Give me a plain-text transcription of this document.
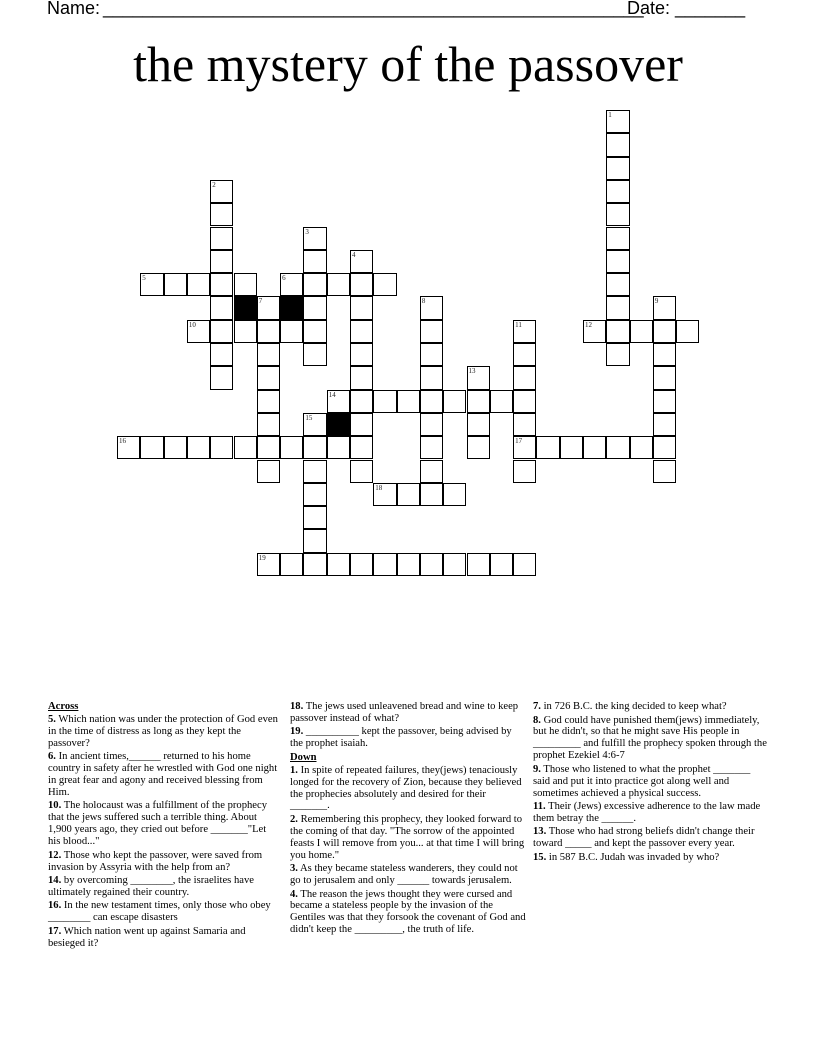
Name: ______________________________________________________
Date: _______
the mystery of the passover
1
2
3
4
5	6
7	8	9
10	11
17
12
13
14
15
16
18
19
Across
5. Which nation was under the protection of God even in the time of distress as long as they kept the passover?
6. In ancient times,______ returned to his home country in safety after he wrestled with God one night in great fear and agony and received blessing from Him.
10. The holocaust was a fulfillment of the prophecy that the jews suffered such a terrible thing. About 1,900 years ago, they cried out before _______"Let his blood..."
12. Those who kept the passover, were saved from invasion by Assyria with the help from an?
14. by overcoming ________, the israelites have ultimately regained their country.
16. In the new testament times, only those who obey ________ can escape disasters
17. Which nation went up against Samaria and besieged it?
18. The jews used unleavened bread and wine to keep passover instead of what?
19. __________ kept the passover, being advised by the prophet isaiah.
Down
1. In spite of repeated failures, they(jews) tenaciously longed for the recovery of Zion, because they believed the prophecies absolutely and desired for their _______.
2. Remembering this prophecy, they looked forward to the coming of that day. "The sorrow of the appointed feasts I will remove from you... at that time I will bring you home."
3. As they became stateless wanderers, they could not go to jerusalem and only ______ towards jerusalem.
4. The reason the jews thought they were cursed and became a stateless people by the invasion of the Gentiles was that they forsook the covenant of God and didn't keep the _________, the truth of life.
7. in 726 B.C. the king decided to keep what?
8. God could have punished them(jews) immediately, but he didn't, so that he might save His people in _________ and fulfill the prophecy spoken through the prophet Ezekiel 4:6-7
9. Those who listened to what the prophet _______ said and put it into practice got along well and sometimes achieved a physical success.
11. Their (Jews) excessive adherence to the law made them betray the ______.
13. Those who had strong beliefs didn't change their toward _____ and kept the passover every year.
15. in 587 B.C. Judah was invaded by who?
